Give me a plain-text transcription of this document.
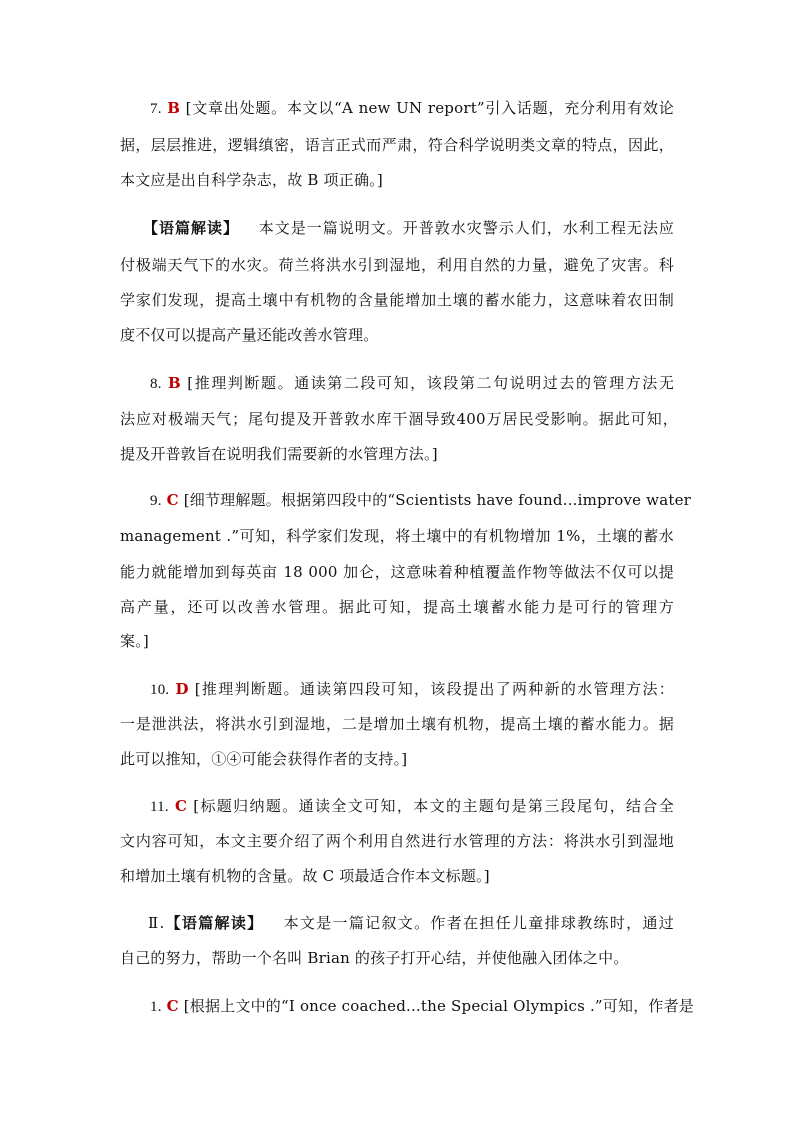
7. B [文章出处题。本文以“A new UN report”引入话题，充分利用有效论
据，层层推进，逻辑缜密，语言正式而严肃，符合科学说明类文章的特点，因此，
本文应是出自科学杂志，故 B 项正确。]
【语篇解读】 本文是一篇说明文。开普敦水灾警示人们，水利工程无法应
付极端天气下的水灾。荷兰将洪水引到湿地，利用自然的力量，避免了灾害。科
学家们发现，提高土壤中有机物的含量能增加土壤的蓄水能力，这意味着农田制
度不仅可以提高产量还能改善水管理。
8. B [推理判断题。通读第二段可知，该段第二句说明过去的管理方法无
法应对极端天气；尾句提及开普敦水库干涸导致400万居民受影响。据此可知，
提及开普敦旨在说明我们需要新的水管理方法。]
9. C [细节理解题。根据第四段中的“Scientists have found...improve water
management .”可知，科学家们发现，将土壤中的有机物增加 1%，土壤的蓄水
能力就能增加到每英亩 18 000 加仑，这意味着种植覆盖作物等做法不仅可以提
高产量，还可以改善水管理。据此可知，提高土壤蓄水能力是可行的管理方
案。]
10. D [推理判断题。通读第四段可知，该段提出了两种新的水管理方法：
一是泄洪法，将洪水引到湿地，二是增加土壤有机物，提高土壤的蓄水能力。据
此可以推知，①④可能会获得作者的支持。]
11. C [标题归纳题。通读全文可知，本文的主题句是第三段尾句，结合全
文内容可知，本文主要介绍了两个利用自然进行水管理的方法：将洪水引到湿地
和增加土壤有机物的含量。故 C 项最适合作本文标题。]
Ⅱ.【语篇解读】 本文是一篇记叙文。作者在担任儿童排球教练时，通过
自己的努力，帮助一个名叫 Brian 的孩子打开心结，并使他融入团体之中。
1. C [根据上文中的“I once coached...the Special Olympics .”可知，作者是
